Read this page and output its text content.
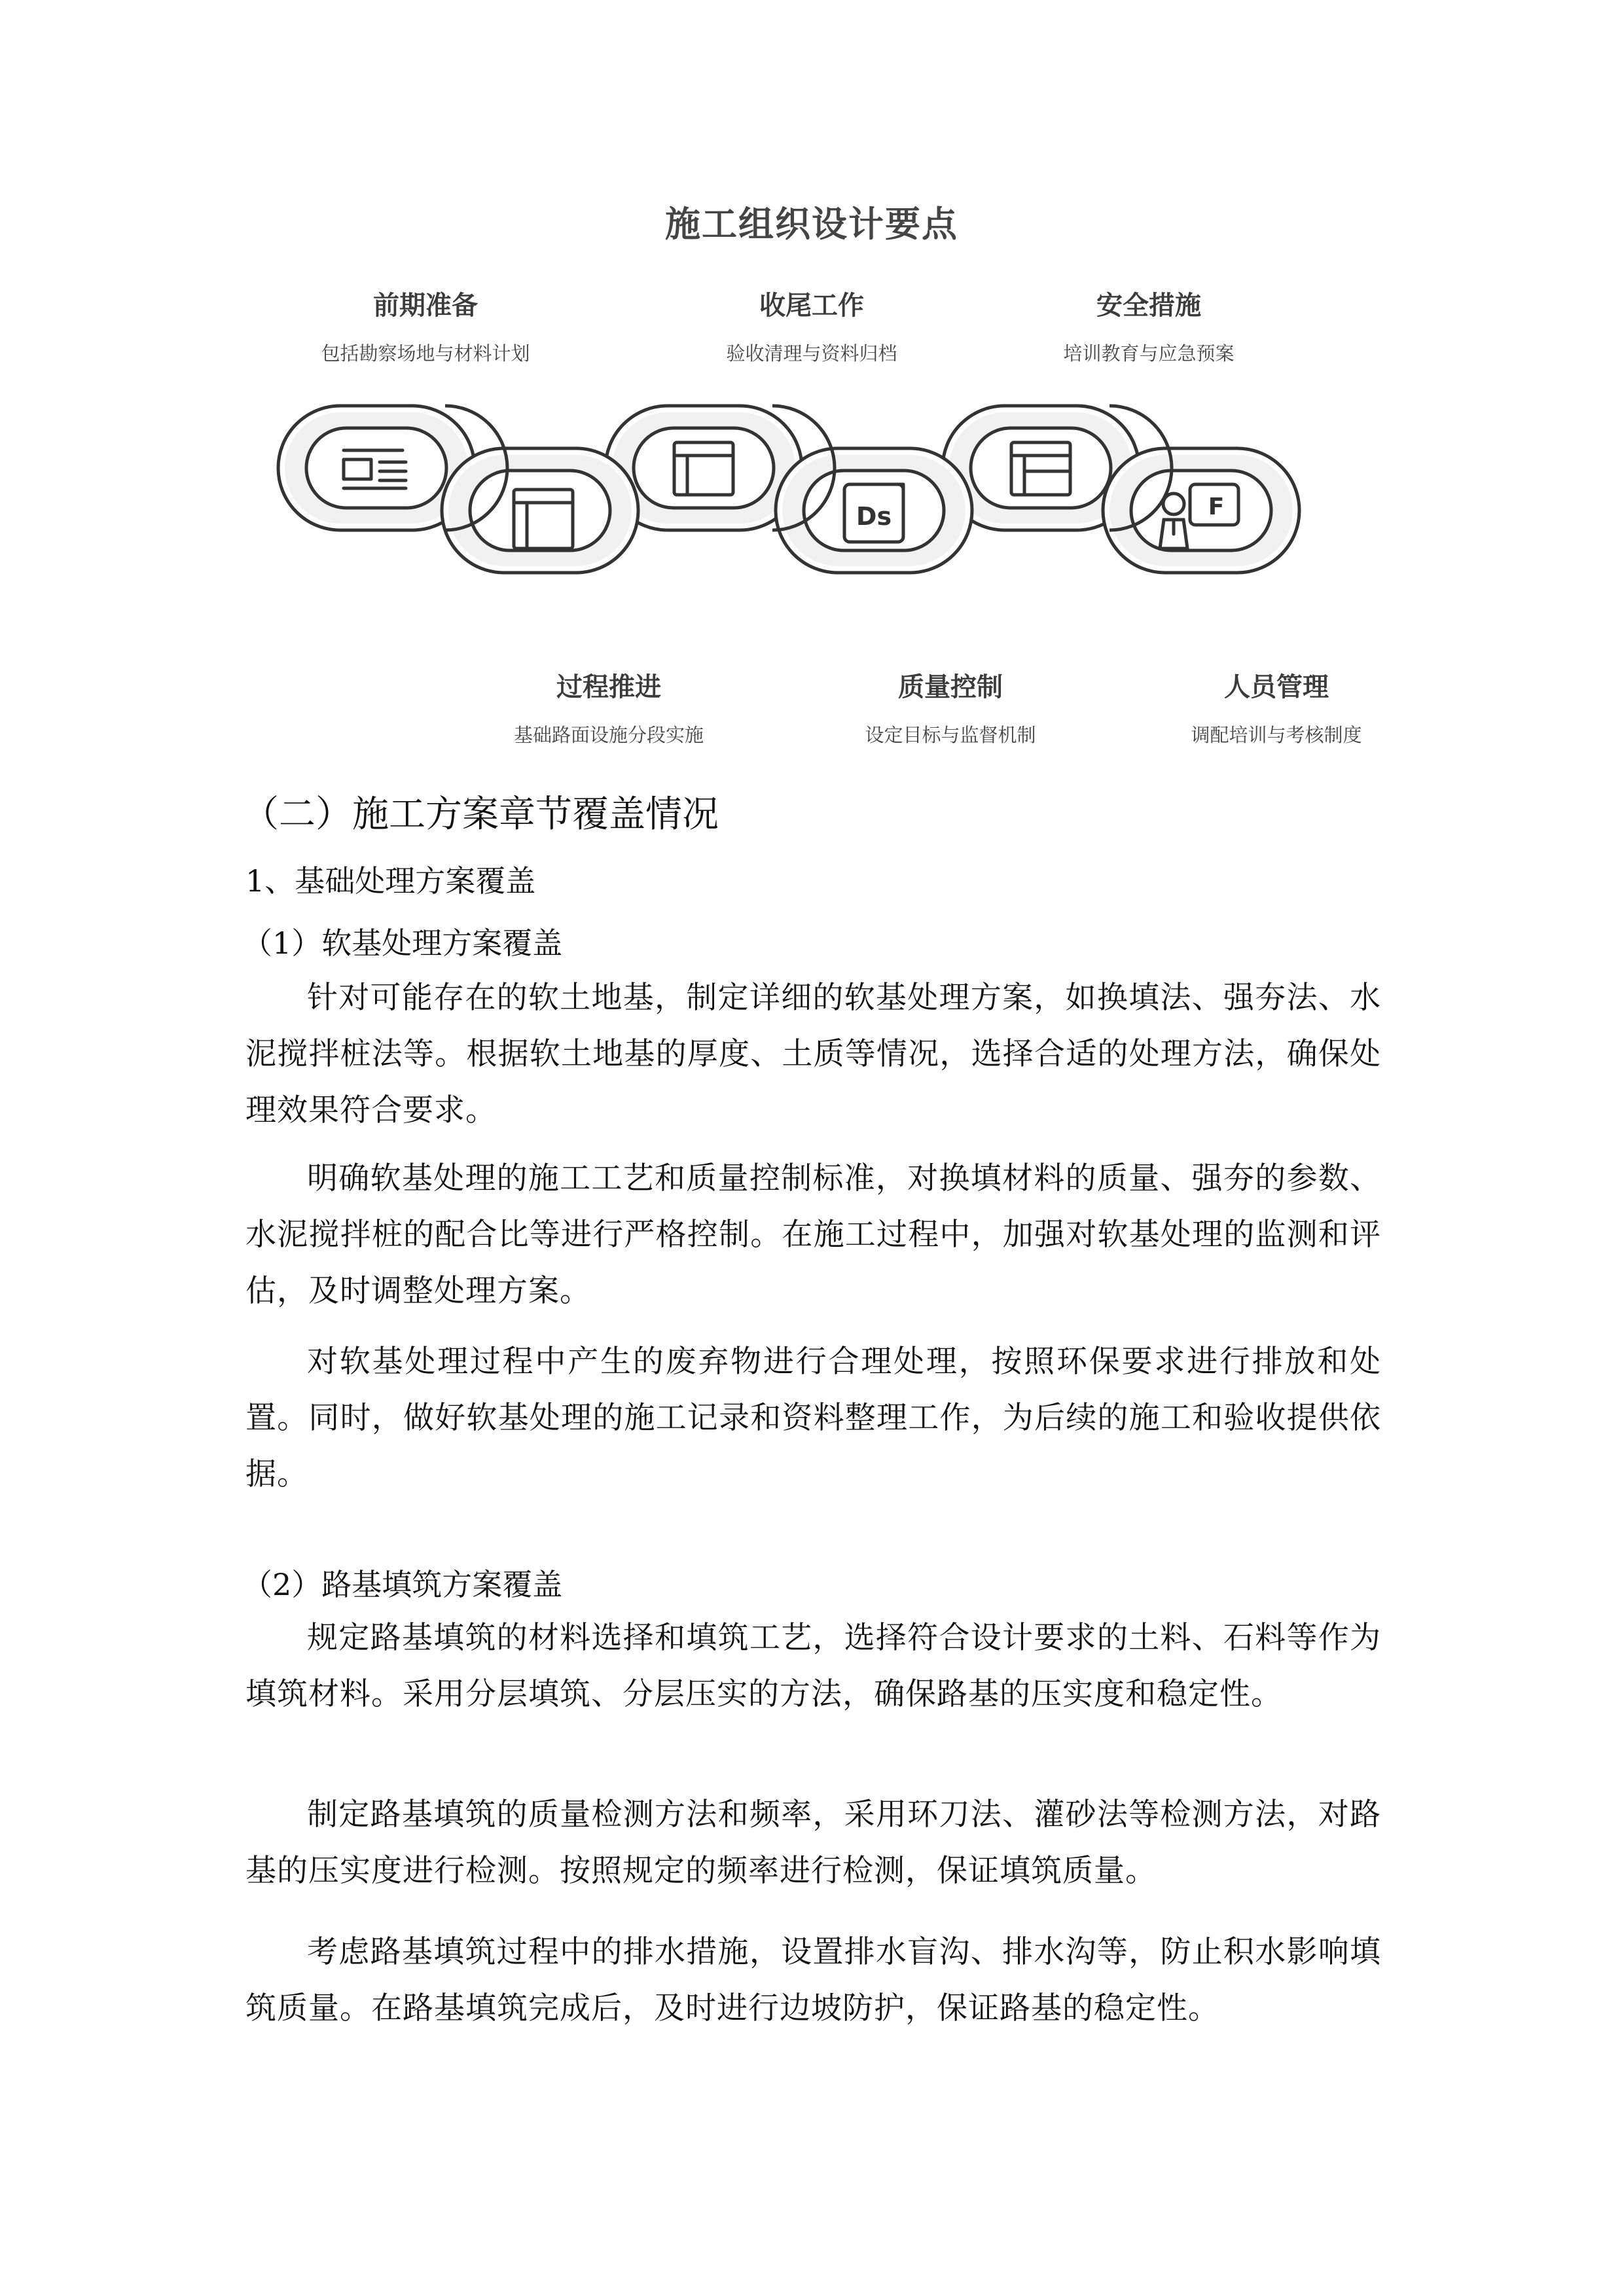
施工组织设计要点
前期准备
包括勘察场地与材料计划
收尾工作
验收清理与资料归档
安全措施
培训教育与应急预案
Ds	F
过程推进
基础路面设施分段实施
质量控制
设定目标与监督机制
人员管理
调配培训与考核制度
（二）施工方案章节覆盖情况
1、基础处理方案覆盖
（1）软基处理方案覆盖

针对可能存在的软土地基，制定详细的软基处理方案，如换填法、强夯法、水泥搅拌桩法等。根据软土地基的厚度、土质等情况，选择合适的处理方法，确保处理效果符合要求。

明确软基处理的施工工艺和质量控制标准，对换填材料的质量、强夯的参数、水泥搅拌桩的配合比等进行严格控制。在施工过程中，加强对软基处理的监测和评估，及时调整处理方案。

对软基处理过程中产生的废弃物进行合理处理，按照环保要求进行排放和处置。同时，做好软基处理的施工记录和资料整理工作，为后续的施工和验收提供依据。

（2）路基填筑方案覆盖

规定路基填筑的材料选择和填筑工艺，选择符合设计要求的土料、石料等作为填筑材料。采用分层填筑、分层压实的方法，确保路基的压实度和稳定性。

制定路基填筑的质量检测方法和频率，采用环刀法、灌砂法等检测方法，对路基的压实度进行检测。按照规定的频率进行检测，保证填筑质量。

考虑路基填筑过程中的排水措施，设置排水盲沟、排水沟等，防止积水影响填筑质量。在路基填筑完成后，及时进行边坡防护，保证路基的稳定性。
